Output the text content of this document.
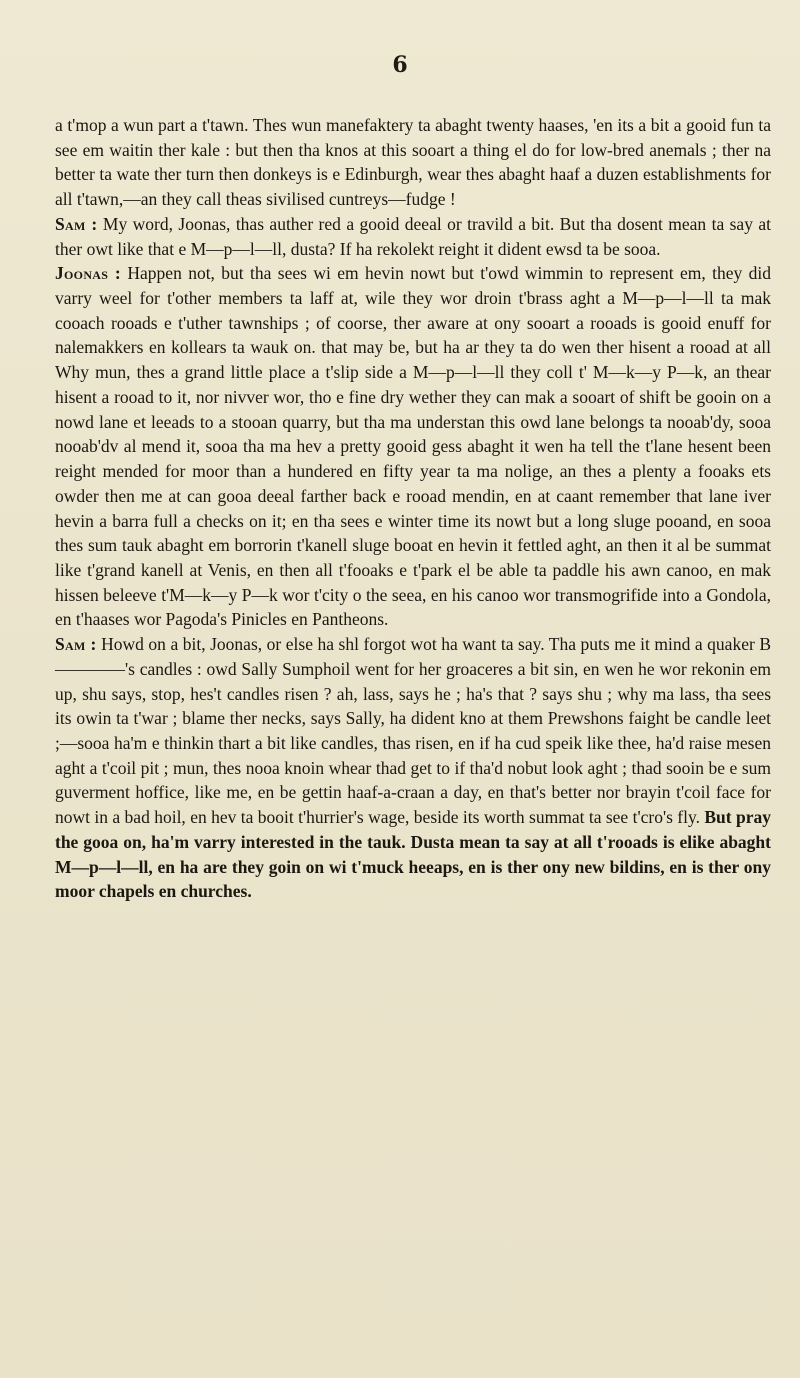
6

a t'mop a wun part a t'tawn. Thes wun manefaktery ta abaght twenty haases, 'en its a bit a gooid fun ta see em waitin ther kale : but then tha knos at this sooart a thing el do for low-bred anemals ; ther na better ta wate ther turn then donkeys is e Edinburgh, wear thes abaght haaf a duzen establishments for all t'tawn,—an they call theas sivilised cuntreys—fudge !

Sam : My word, Joonas, thas auther red a gooid deeal or travild a bit. But tha dosent mean ta say at ther owt like that e M—p—l—ll, dusta? If ha rekolekt reight it dident ewsd ta be sooa.

Joonas : Happen not, but tha sees wi em hevin nowt but t'owd wimmin to represent em, they did varry weel for t'other members ta laff at, wile they wor droin t'brass aght a M—p—l—ll ta mak cooach rooads e t'uther tawnships ; of coorse, ther aware at ony sooart a rooads is gooid enuff for nalemakkers en kollears ta wauk on. that may be, but ha ar they ta do wen ther hisent a rooad at all Why mun, thes a grand little place a t'slip side a M—p—l—ll they coll t' M—k—y P—k, an thear hisent a rooad to it, nor nivver wor, tho e fine dry wether they can mak a sooart of shift be gooin on a nowd lane et leeads to a stooan quarry, but tha ma understan this owd lane belongs ta nooab'dy, sooa nooab'dv al mend it, sooa tha ma hev a pretty gooid gess abaght it wen ha tell the t'lane hesent been reight mended for moor than a hundered en fifty year ta ma nolige, an thes a plenty a fooaks ets owder then me at can gooa deeal farther back e rooad mendin, en at caant remember that lane iver hevin a barra full a checks on it; en tha sees e winter time its nowt but a long sluge pooand, en sooa thes sum tauk abaght em borrorin t'kanell sluge booat en hevin it fettled aght, an then it al be summat like t'grand kanell at Venis, en then all t'fooaks e t'park el be able ta paddle his awn canoo, en mak hissen beleeve t'M—k—y P—k wor t'city o the seea, en his canoo wor transmogrifide into a Gondola, en t'haases wor Pagoda's Pinicles en Pantheons.

Sam : Howd on a bit, Joonas, or else ha shl forgot wot ha want ta say. Tha puts me it mind a quaker B————'s candles : owd Sally Sumphoil went for her groaceres a bit sin, en wen he wor rekonin em up, shu says, stop, hes't candles risen ? ah, lass, says he ; ha's that ? says shu ; why ma lass, tha sees its owin ta t'war ; blame ther necks, says Sally, ha dident kno at them Prewshons faight be candle leet ;—sooa ha'm e thinkin thart a bit like candles, thas risen, en if ha cud speik like thee, ha'd raise mesen aght a t'coil pit ; mun, thes nooa knoin whear thad get to if tha'd nobut look aght ; thad sooin be e sum guverment hoffice, like me, en be gettin haaf-a-craan a day, en that's better nor brayin t'coil face for nowt in a bad hoil, en hev ta booit t'hurrier's wage, beside its worth summat ta see t'cro's fly. But pray the gooa on, ha'm varry interested in the tauk. Dusta mean ta say at all t'rooads is elike abaght M—p—l—ll, en ha are they goin on wi t'muck heeaps, en is ther ony new bildins, en is ther ony moor chapels en churches.
